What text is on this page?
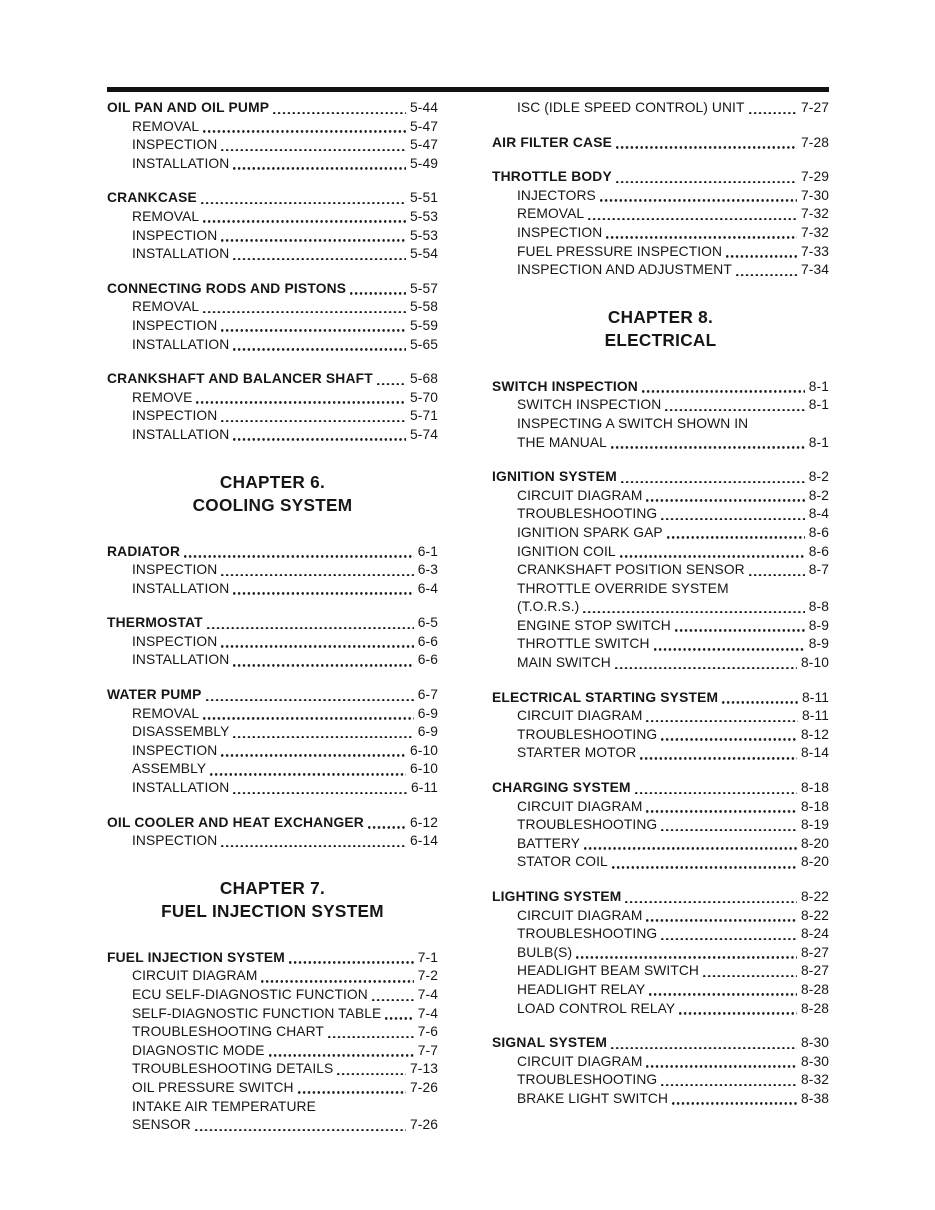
OIL PAN AND OIL PUMP	5-44
REMOVAL	5-47
INSPECTION	5-47
INSTALLATION	5-49
CRANKCASE	5-51
REMOVAL	5-53
INSPECTION	5-53
INSTALLATION	5-54
CONNECTING RODS AND PISTONS	5-57
REMOVAL	5-58
INSPECTION	5-59
INSTALLATION	5-65
CRANKSHAFT AND BALANCER SHAFT	5-68
REMOVE	5-70
INSPECTION	5-71
INSTALLATION	5-74
CHAPTER 6.
COOLING SYSTEM
RADIATOR	6-1
INSPECTION	6-3
INSTALLATION	6-4
THERMOSTAT	6-5
INSPECTION	6-6
INSTALLATION	6-6
WATER PUMP	6-7
REMOVAL	6-9
DISASSEMBLY	6-9
INSPECTION	6-10
ASSEMBLY	6-10
INSTALLATION	6-11
OIL COOLER AND HEAT EXCHANGER	6-12
INSPECTION	6-14
CHAPTER 7.
FUEL INJECTION SYSTEM
FUEL INJECTION SYSTEM	7-1
CIRCUIT DIAGRAM	7-2
ECU SELF-DIAGNOSTIC FUNCTION	7-4
SELF-DIAGNOSTIC FUNCTION TABLE	7-4
TROUBLESHOOTING CHART	7-6
DIAGNOSTIC MODE	7-7
TROUBLESHOOTING DETAILS	7-13
OIL PRESSURE SWITCH	7-26
INTAKE AIR TEMPERATURE
SENSOR	7-26
ISC (IDLE SPEED CONTROL) UNIT	7-27
AIR FILTER CASE	7-28
THROTTLE BODY	7-29
INJECTORS	7-30
REMOVAL	7-32
INSPECTION	7-32
FUEL PRESSURE INSPECTION	7-33
INSPECTION AND ADJUSTMENT	7-34
CHAPTER 8.
ELECTRICAL
SWITCH INSPECTION	8-1
SWITCH INSPECTION	8-1
INSPECTING A SWITCH SHOWN IN
THE MANUAL	8-1
IGNITION SYSTEM	8-2
CIRCUIT DIAGRAM	8-2
TROUBLESHOOTING	8-4
IGNITION SPARK GAP	8-6
IGNITION COIL	8-6
CRANKSHAFT POSITION SENSOR	8-7
THROTTLE OVERRIDE SYSTEM
(T.O.R.S.)	8-8
ENGINE STOP SWITCH	8-9
THROTTLE SWITCH	8-9
MAIN SWITCH	8-10
ELECTRICAL STARTING SYSTEM	8-11
CIRCUIT DIAGRAM	8-11
TROUBLESHOOTING	8-12
STARTER MOTOR	8-14
CHARGING SYSTEM	8-18
CIRCUIT DIAGRAM	8-18
TROUBLESHOOTING	8-19
BATTERY	8-20
STATOR COIL	8-20
LIGHTING SYSTEM	8-22
CIRCUIT DIAGRAM	8-22
TROUBLESHOOTING	8-24
BULB(S)	8-27
HEADLIGHT BEAM SWITCH	8-27
HEADLIGHT RELAY	8-28
LOAD CONTROL RELAY	8-28
SIGNAL SYSTEM	8-30
CIRCUIT DIAGRAM	8-30
TROUBLESHOOTING	8-32
BRAKE LIGHT SWITCH	8-38
